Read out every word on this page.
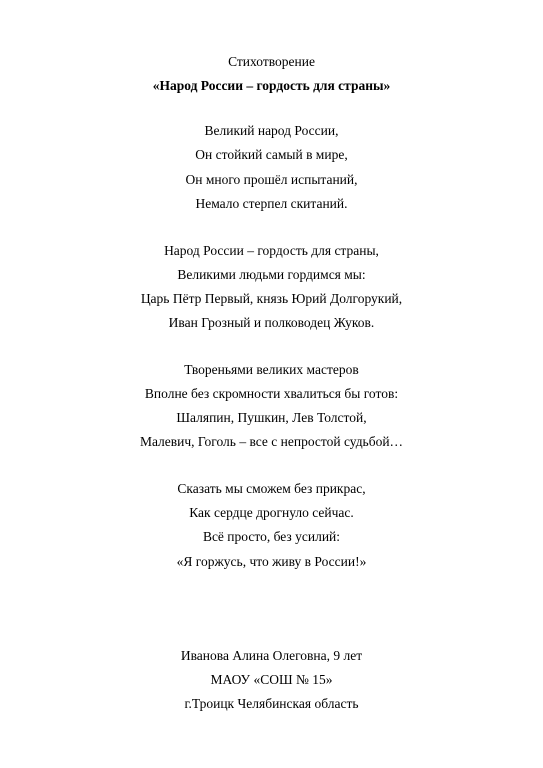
Стихотворение
«Народ России – гордость для страны»
Великий народ России,
Он стойкий самый в мире,
Он много прошёл испытаний,
Немало стерпел скитаний.
Народ России – гордость для страны,
Великими людьми гордимся мы:
Царь Пётр Первый, князь Юрий Долгорукий,
Иван Грозный и полководец Жуков.
Твореньями великих мастеров
Вполне без скромности хвалиться бы готов:
Шаляпин, Пушкин, Лев Толстой,
Малевич, Гоголь – все с непростой судьбой…
Сказать мы сможем без прикрас,
Как сердце дрогнуло сейчас.
Всё просто, без усилий:
«Я горжусь, что живу в России!»
Иванова Алина Олеговна, 9 лет
МАОУ «СОШ № 15»
г.Троицк Челябинская область
